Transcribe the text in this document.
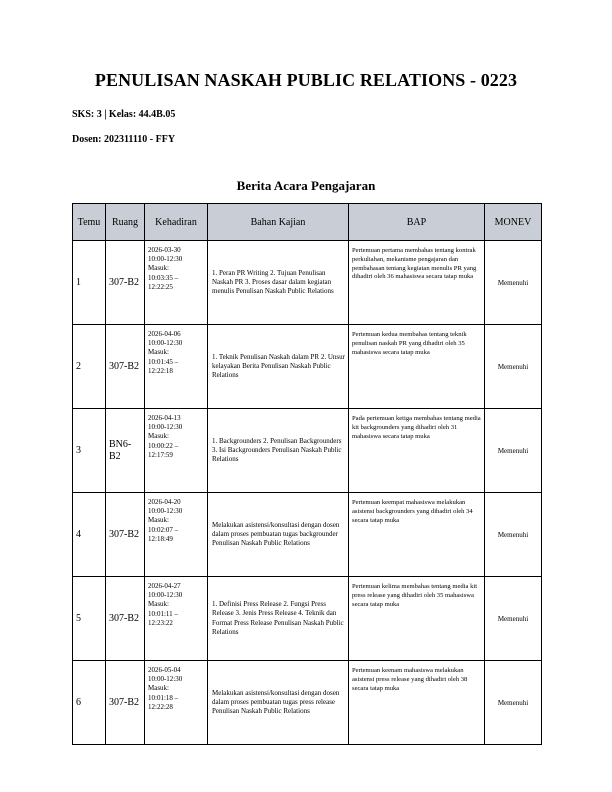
PENULISAN NASKAH PUBLIC RELATIONS - 0223
SKS: 3 | Kelas: 44.4B.05
Dosen: 202311110 - FFY
Berita Acara Pengajaran
Temu	Ruang	Kehadiran	Bahan Kajian	BAP	MONEV
1	307-B2	2026-03-30
10:00-12:30
Masuk:
10:03:35 –
12:22:25	1. Peran PR Writing 2. Tujuan Penulisan Naskah PR 3. Proses dasar dalam kegiatan menulis Penulisan Naskah Public Relations	Pertemuan pertama membahas tentang kontrak perkuliahan, mekanisme pengajaran dan pembahasan tentang kegiatan menulis PR yang dihadiri oleh 36 mahasiswa secara tatap muka	Memenuhi
2	307-B2	2026-04-06
10:00-12:30
Masuk:
10:01:45 –
12:22:18	1. Teknik Penulisan Naskah dalam PR 2. Unsur kelayakan Berita Penulisan Naskah Public Relations	Pertemuan kedua membahas tentang teknik penulisan naskah PR yang dihadiri oleh 35 mahasiswa secara tatap muka	Memenuhi
3	BN6-B2	2026-04-13
10:00-12:30
Masuk:
10:00:22 –
12:17:59	1. Backgrounders 2. Penulisan Backgrounders 3. Isi Backgrounders Penulisan Naskah Public Relations	Pada pertemuan ketiga membahas tentang media kit backgrounders yang dihadiri oleh 31 mahasiswa secara tatap muka	Memenuhi
4	307-B2	2026-04-20
10:00-12:30
Masuk:
10:02:07 –
12:18:49	Melakukan asistensi/konsultasi dengan dosen dalam proses pembuatan tugas backgrounder Penulisan Naskah Public Relations	Pertemuan keempat mahasiswa melakukan asistensi backgrounders yang dihadiri oleh 34 secara tatap muka	Memenuhi
5	307-B2	2026-04-27
10:00-12:30
Masuk:
10:01:11 –
12:23:22	1. Definisi Press Release 2. Fungsi Press Release 3. Jenis Press Release 4. Teknik dan Format Press Release Penulisan Naskah Public Relations	Pertemuan kelima membahas tentang media kit press release yang dihadiri oleh 35 mahasiswa secara tatap muka	Memenuhi
6	307-B2	2026-05-04
10:00-12:30
Masuk:
10:01:18 –
12:22:28	Melakukan asistensi/konsultasi dengan dosen dalam proses pembuatan tugas press release Penulisan Naskah Public Relations	Pertemuan keenam mahasiswa melakukan asistensi press release yang dihadiri oleh 38 secara tatap muka	Memenuhi
